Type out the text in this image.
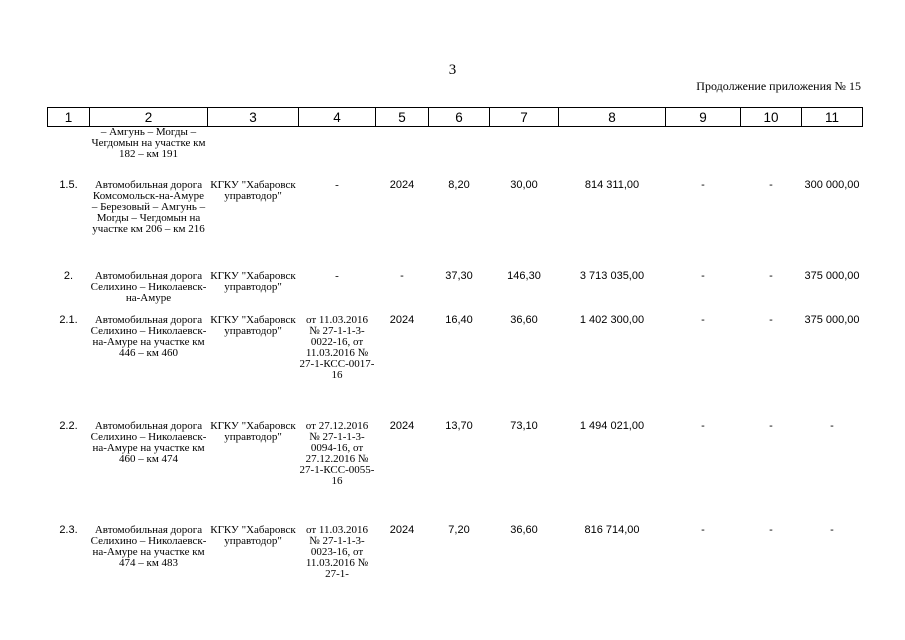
3
Продолжение приложения № 15
1	2	3	4	5	6	7	8	9	10	11
	– Амгунь – Могды – Чегдомын на участке км 182 – км 191									
1.5.	Автомобильная дорога Комсомольск-на-Амуре – Березовый – Амгунь – Могды – Чегдомын на участке км 206 – км 216	КГКУ "Хабаровск управтодор"	-	2024	8,20	30,00	814 311,00	-	-	300 000,00
2.	Автомобильная дорога Селихино – Николаевск-на-Амуре	КГКУ "Хабаровск управтодор"	-	-	37,30	146,30	3 713 035,00	-	-	375 000,00
2.1.	Автомобильная дорога Селихино – Николаевск-на-Амуре на участке км 446 – км 460	КГКУ "Хабаровск управтодор"	от 11.03.2016 № 27-1-1-3-0022-16, от 11.03.2016 № 27-1-КСС-0017-16	2024	16,40	36,60	1 402 300,00	-	-	375 000,00
2.2.	Автомобильная дорога Селихино – Николаевск-на-Амуре на участке км 460 – км 474	КГКУ "Хабаровск управтодор"	от 27.12.2016 № 27-1-1-3-0094-16, от 27.12.2016 № 27-1-КСС-0055-16	2024	13,70	73,10	1 494 021,00	-	-	-
2.3.	Автомобильная дорога Селихино – Николаевск-на-Амуре на участке км 474 – км 483	КГКУ "Хабаровск управтодор"	от 11.03.2016 № 27-1-1-3-0023-16, от 11.03.2016 № 27-1-	2024	7,20	36,60	816 714,00	-	-	-
